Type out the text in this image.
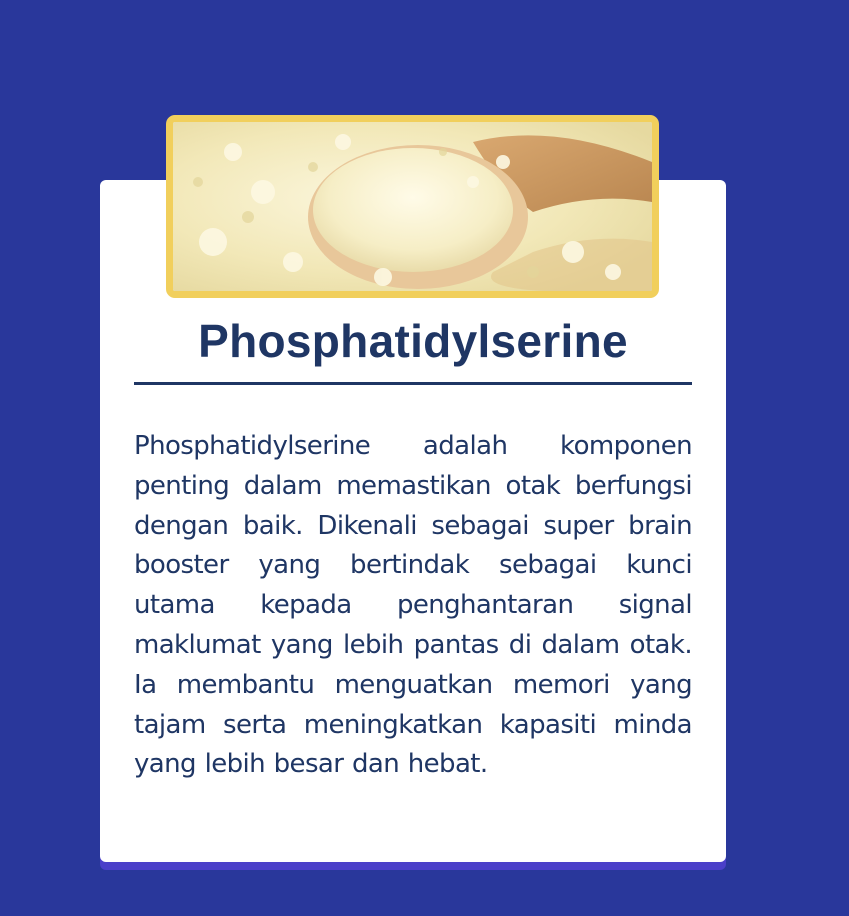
Phosphatidylserine

Phosphatidylserine adalah komponen penting dalam memastikan otak berfungsi dengan baik. Dikenali sebagai super brain booster yang bertindak sebagai kunci utama kepada penghantaran signal maklumat yang lebih pantas di dalam otak. Ia membantu menguatkan memori yang tajam serta meningkatkan kapasiti minda yang lebih besar dan hebat.
